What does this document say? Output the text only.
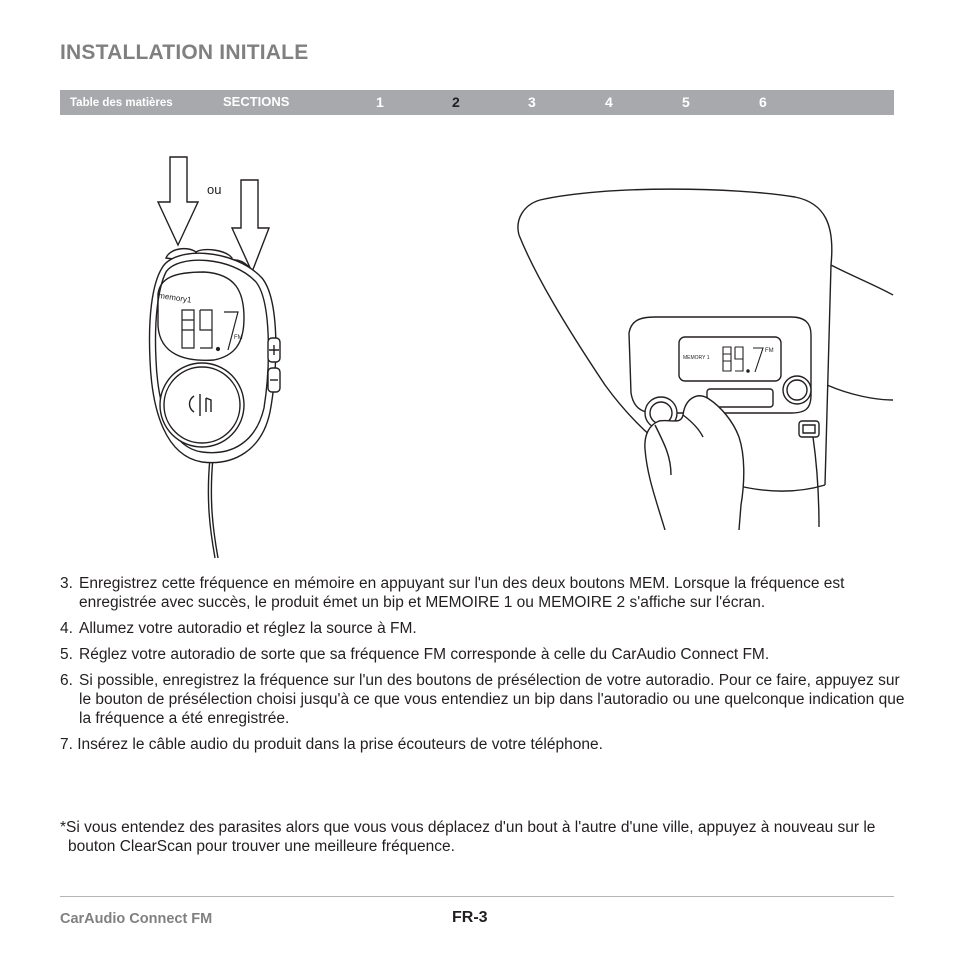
INSTALLATION INITIALE
Table des matières	SECTIONS	1	2	3	4	5	6
memory1
FM
ou
MEMORY 1
FM
3. Enregistrez cette fréquence en mémoire en appuyant sur l'un des deux boutons MEM. Lorsque la fréquence est enregistrée avec succès, le produit émet un bip et MEMOIRE 1 ou MEMOIRE 2 s'affiche sur l'écran.
4. Allumez votre autoradio et réglez la source à FM.
5. Réglez votre autoradio de sorte que sa fréquence FM corresponde à celle du CarAudio Connect FM.
6. Si possible, enregistrez la fréquence sur l'un des boutons de présélection de votre autoradio. Pour ce faire, appuyez sur le bouton de présélection choisi jusqu'à ce que vous entendiez un bip dans l'autoradio ou une quelconque indication que la fréquence a été enregistrée.
7. Insérez le câble audio du produit dans la prise écouteurs de votre téléphone.
*Si vous entendez des parasites alors que vous vous déplacez d'un bout à l'autre d'une ville, appuyez à nouveau sur le bouton ClearScan pour trouver une meilleure fréquence.
CarAudio Connect FM	FR-3
